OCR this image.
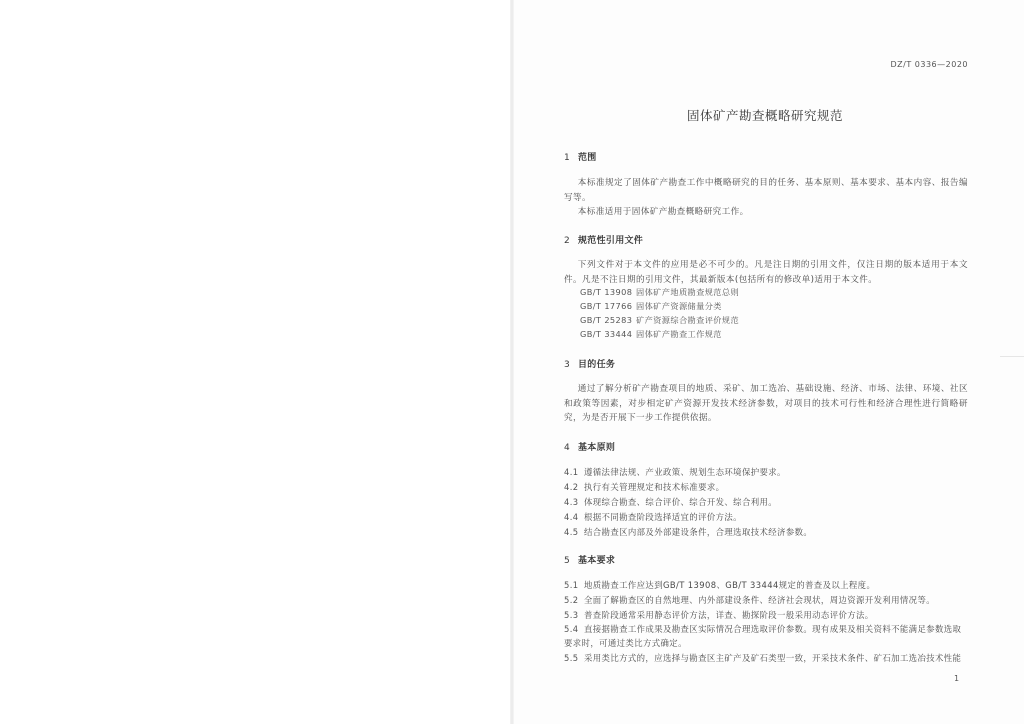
DZ/T 0336—2020
固体矿产勘查概略研究规范
1 范围
本标准规定了固体矿产勘查工作中概略研究的目的任务、基本原则、基本要求、基本内容、报告编写等。
本标准适用于固体矿产勘查概略研究工作。
2 规范性引用文件
下列文件对于本文件的应用是必不可少的。凡是注日期的引用文件，仅注日期的版本适用于本文件。凡是不注日期的引用文件，其最新版本(包括所有的修改单)适用于本文件。
GB/T 13908 固体矿产地质勘查规范总则
GB/T 17766 固体矿产资源储量分类
GB/T 25283 矿产资源综合勘查评价规范
GB/T 33444 固体矿产勘查工作规范
3 目的任务
通过了解分析矿产勘查项目的地质、采矿、加工选冶、基础设施、经济、市场、法律、环境、社区和政策等因素，对步相定矿产资源开发技术经济参数，对项目的技术可行性和经济合理性进行简略研究，为是否开展下一步工作提供依据。
4 基本原则
4.1 遵循法律法规、产业政策、规划生态环境保护要求。
4.2 执行有关管理规定和技术标准要求。
4.3 体现综合勘查、综合评价、综合开发、综合利用。
4.4 根据不同勘查阶段选择适宜的评价方法。
4.5 结合勘查区内部及外部建设条件，合理选取技术经济参数。
5 基本要求
5.1 地质勘查工作应达到GB/T 13908、GB/T 33444规定的普查及以上程度。
5.2 全面了解勘查区的自然地理、内外部建设条件、经济社会现状，周边资源开发利用情况等。
5.3 普查阶段通常采用静态评价方法，详查、勘探阶段一般采用动态评价方法。
5.4 直接据勘查工作成果及勘查区实际情况合理选取评价参数。现有成果及相关资料不能满足参数选取要求时，可通过类比方式确定。
5.5 采用类比方式的，应选择与勘查区主矿产及矿石类型一致，开采技术条件、矿石加工选冶技术性能
1
